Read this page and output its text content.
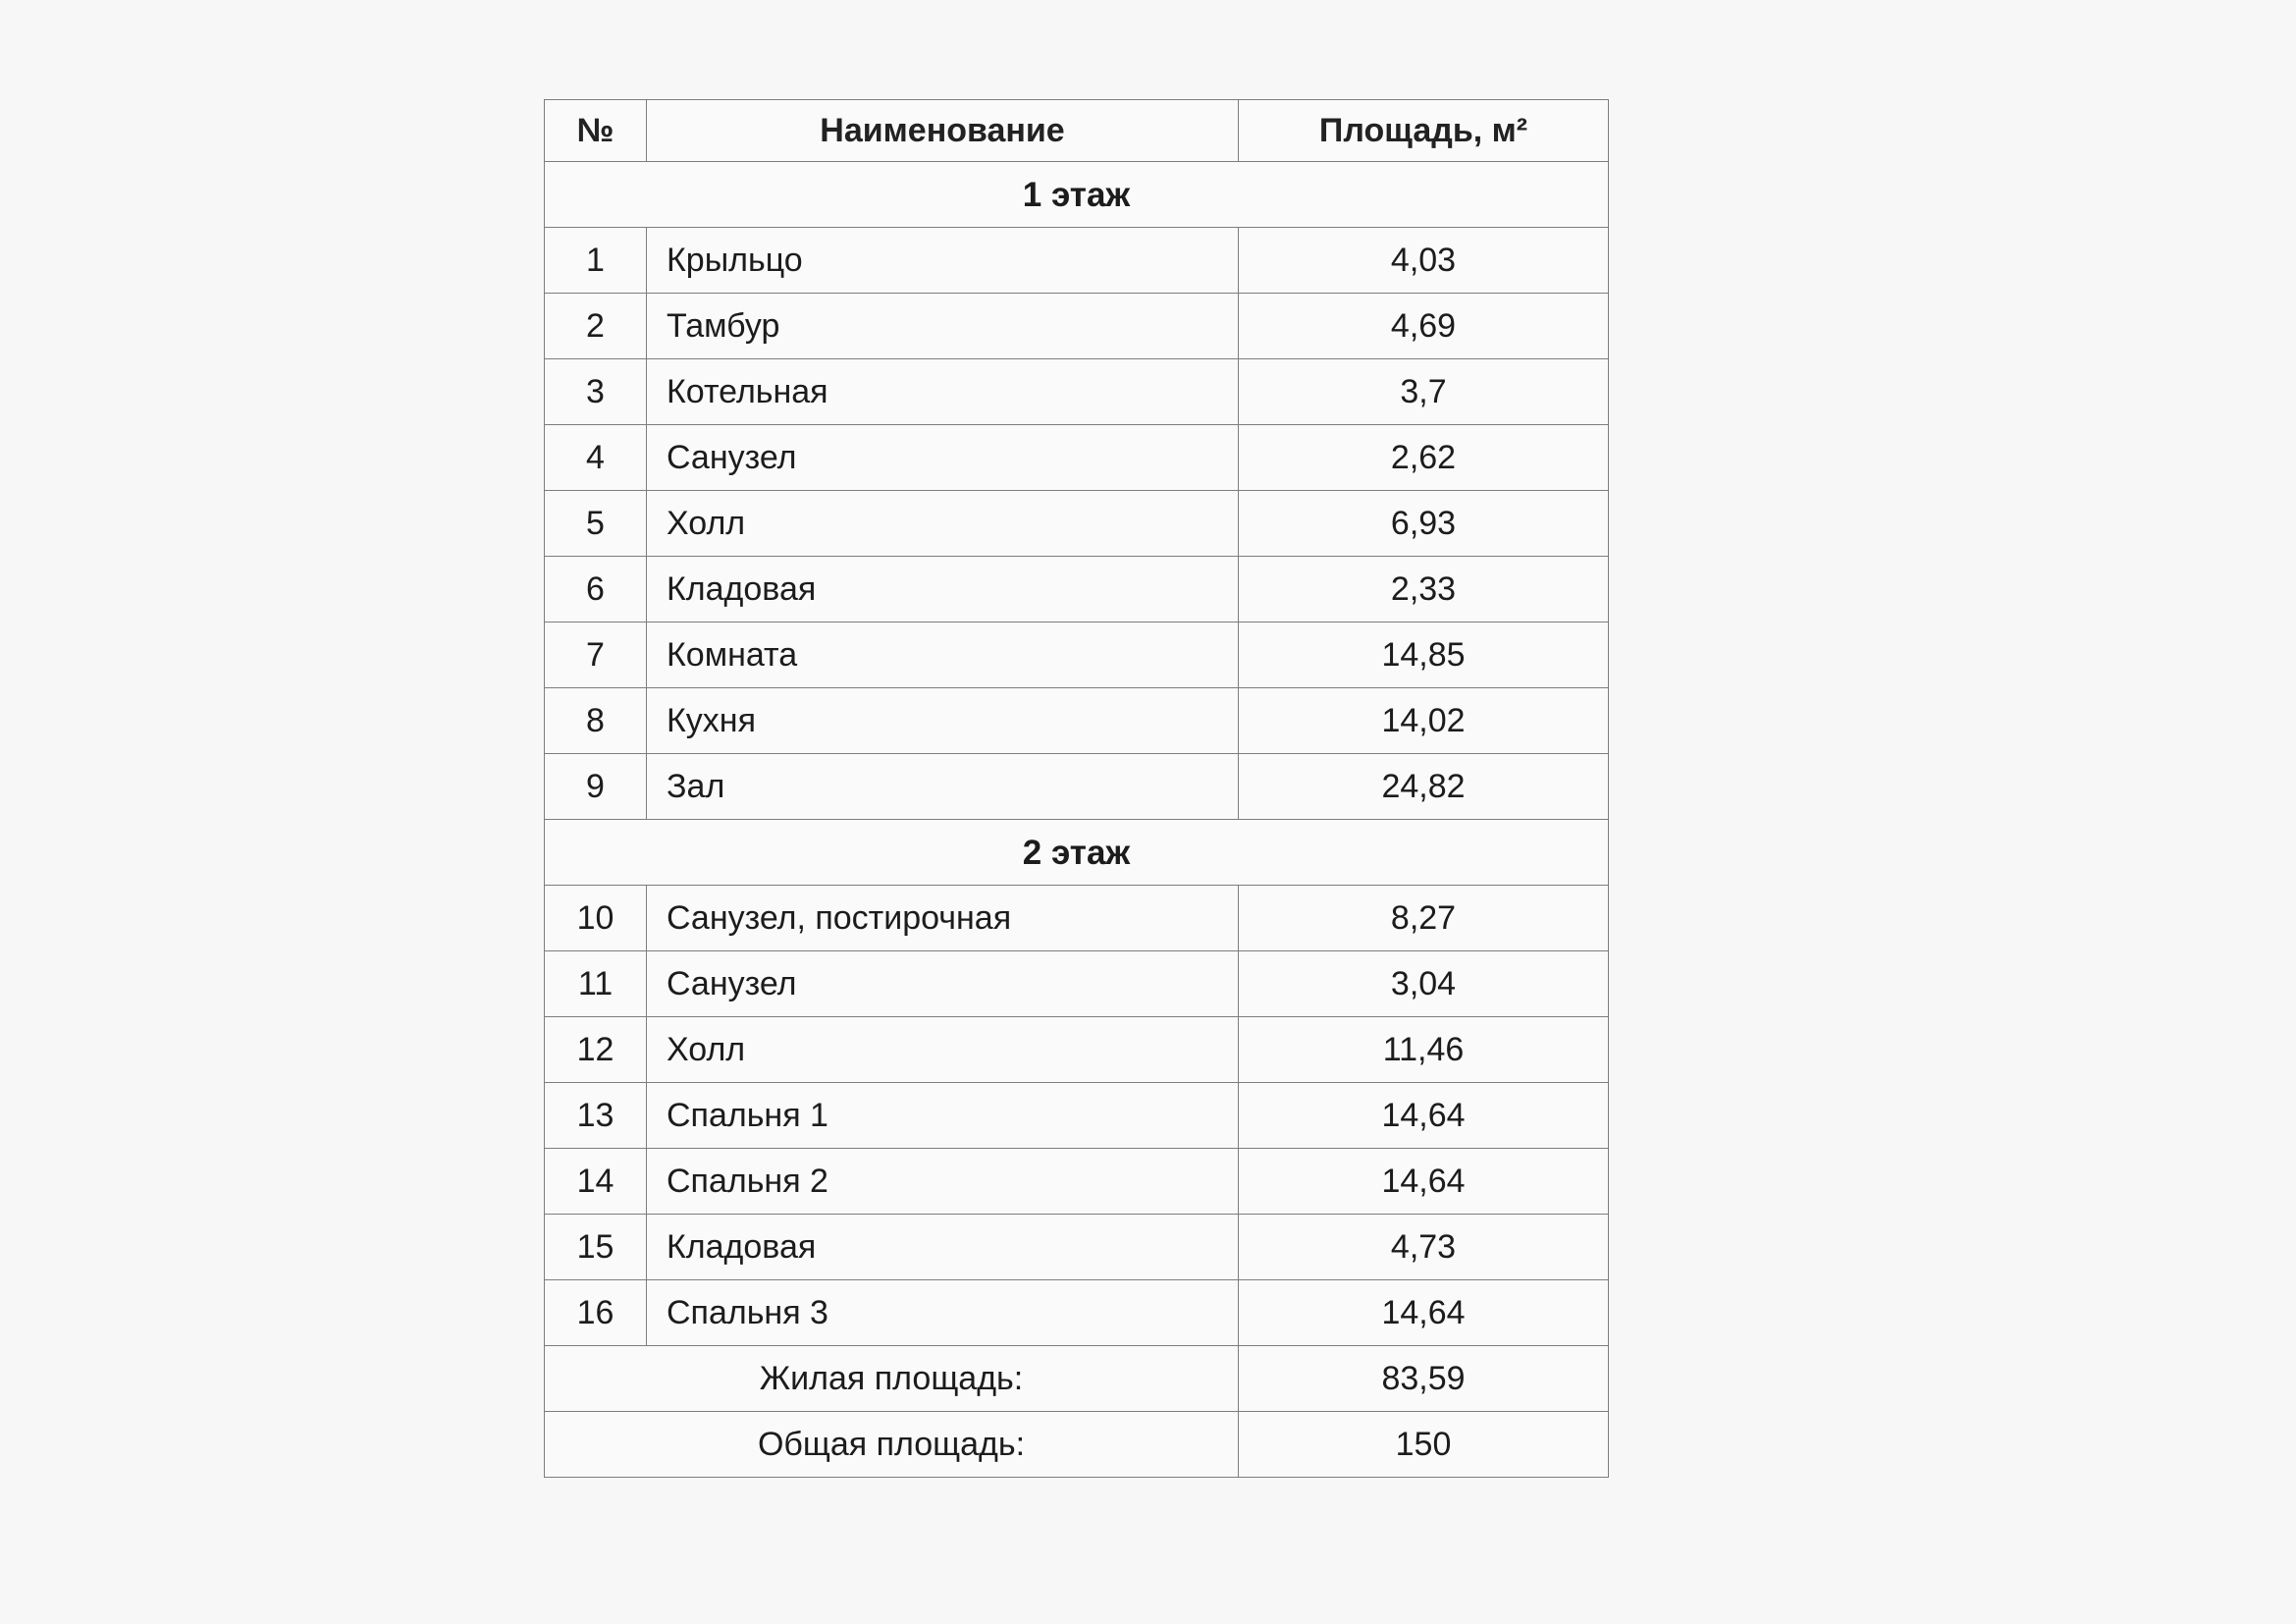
№	Наименование	Площадь, м²
1 этаж		
1	Крыльцо	4,03
2	Тамбур	4,69
3	Котельная	3,7
4	Санузел	2,62
5	Холл	6,93
6	Кладовая	2,33
7	Комната	14,85
8	Кухня	14,02
9	Зал	24,82
2 этаж		
10	Санузел, постирочная	8,27
11	Санузел	3,04
12	Холл	11,46
13	Спальня 1	14,64
14	Спальня 2	14,64
15	Кладовая	4,73
16	Спальня 3	14,64
Жилая площадь:		83,59
Общая площадь:		150
